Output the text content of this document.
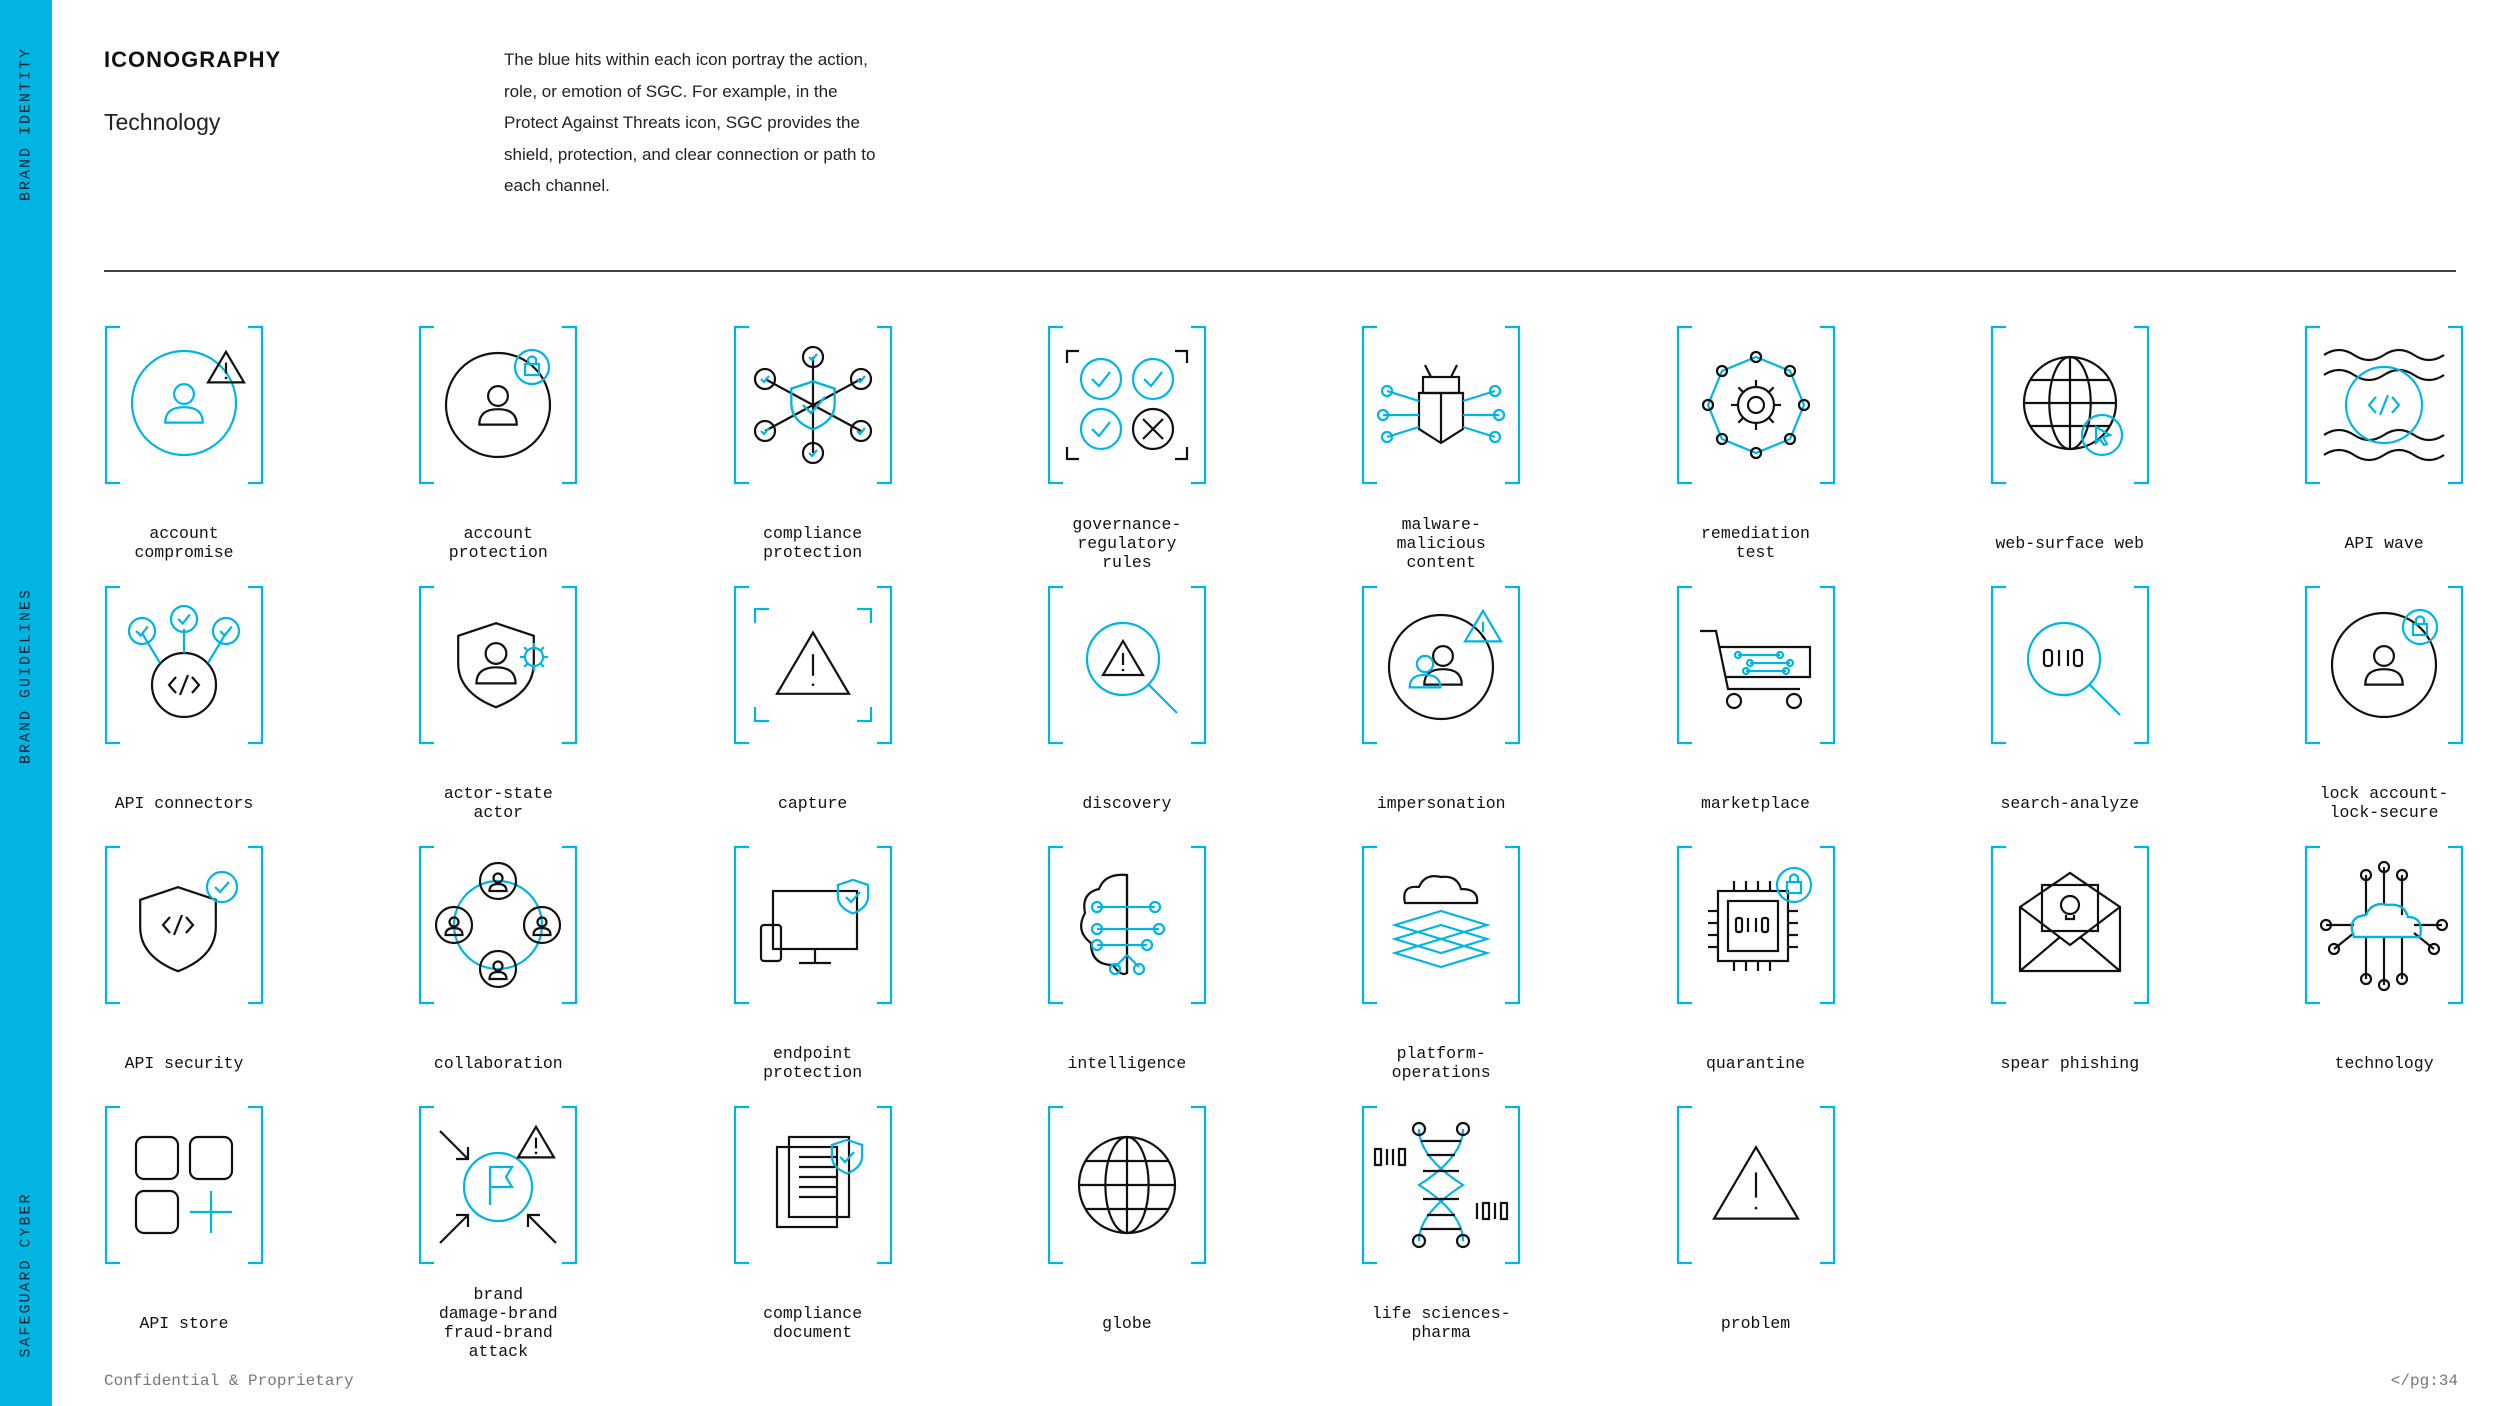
BRAND IDENTITY
BRAND GUIDELINES
SAFEGUARD CYBER
ICONOGRAPHY
Technology
The blue hits within each icon portray the action, role, or emotion of SGC. For example, in the Protect Against Threats icon, SGC provides the shield, protection, and clear connection or path to each channel.
account
compromise
account
protection
compliance
protection
governance-
regulatory
rules
malware-
malicious
content
remediation
test	web-surface web	API wave
API connectors	actor-state
actor	capture	discovery	impersonation	marketplace	search-analyze	lock account-
lock-secure
API security	collaboration	endpoint
protection	intelligence	platform-
operations	quarantine	spear phishing	technology
API store
brand
damage-brand
fraud-brand
attack
compliance
document	globe	life sciences-
pharma	problem
Confidential & Proprietary	</pg:34
